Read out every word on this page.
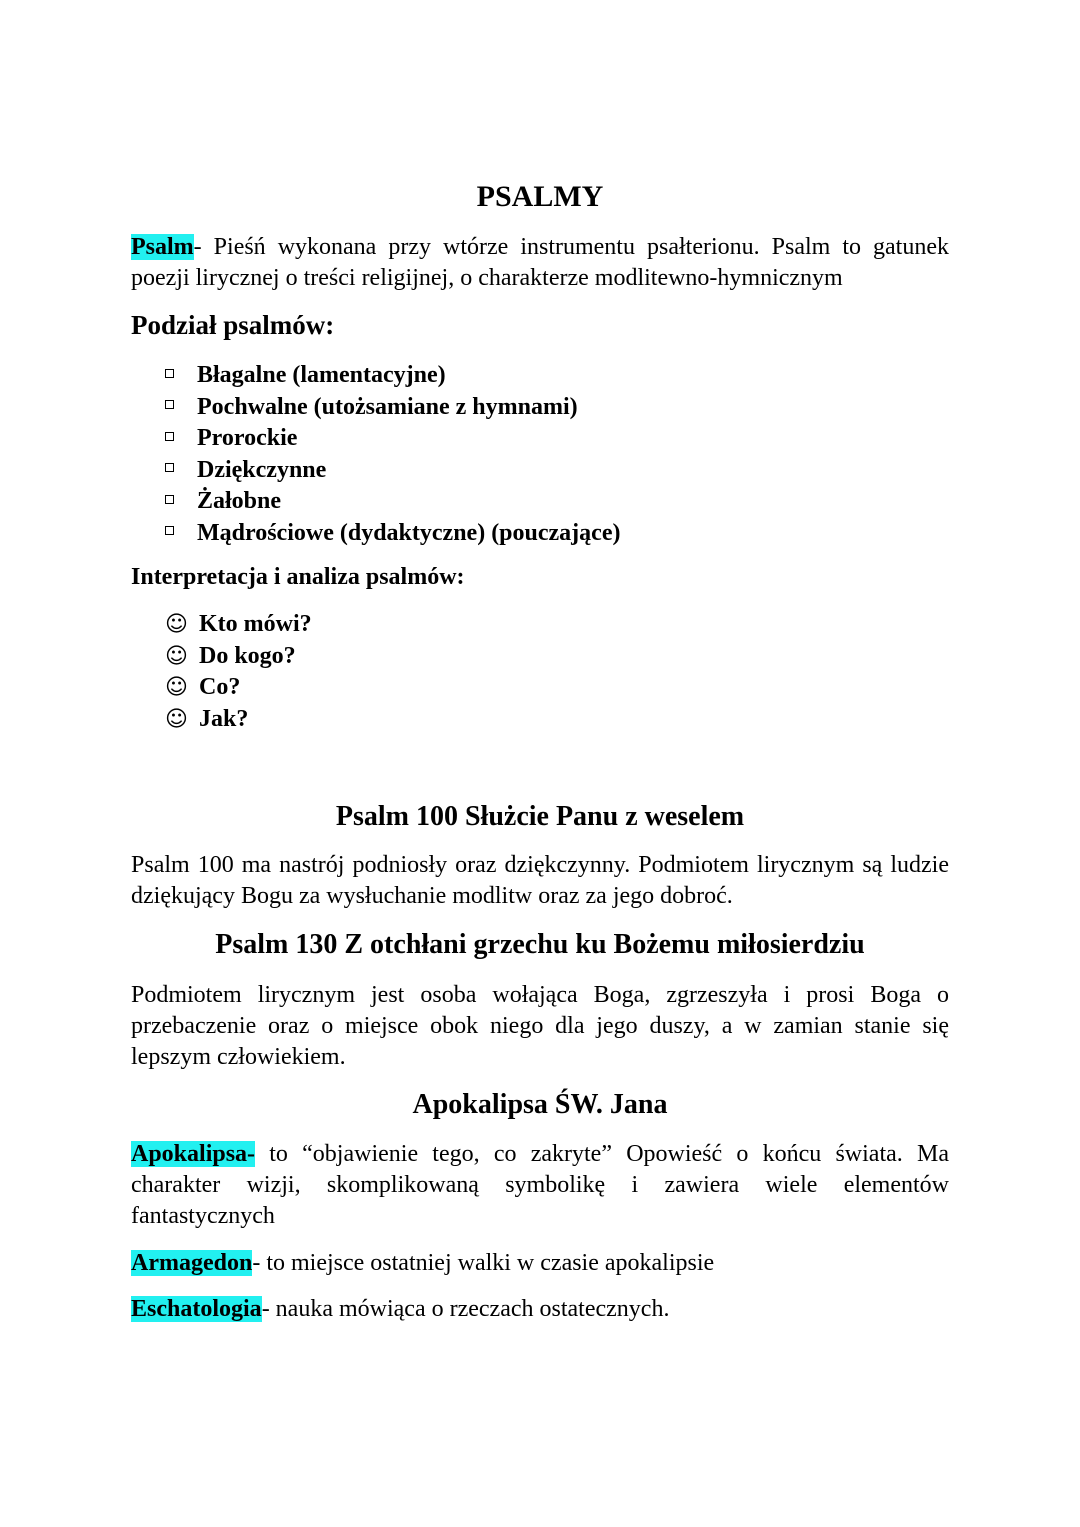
PSALMY

Psalm- Pieśń wykonana przy wtórze instrumentu psałterionu. Psalm to gatunek poezji lirycznej o treści religijnej, o charakterze modlitewno-hymnicznym

Podział psalmów:
Błagalne (lamentacyjne)
Pochwalne (utożsamiane z hymnami)
Prorockie
Dziękczynne
Żałobne
Mądrościowe (dydaktyczne) (pouczające)
Interpretacja i analiza psalmów:
☺ Kto mówi?
☺ Do kogo?
☺ Co?
☺ Jak?
Psalm 100 Służcie Panu z weselem

Psalm 100 ma nastrój podniosły oraz dziękczynny. Podmiotem lirycznym są ludzie dziękujący Bogu za wysłuchanie modlitw oraz za jego dobroć.

Psalm 130 Z otchłani grzechu ku Bożemu miłosierdziu

Podmiotem lirycznym jest osoba wołająca Boga, zgrzeszyła i prosi Boga o przebaczenie oraz o miejsce obok niego dla jego duszy, a w zamian stanie się lepszym człowiekiem.

Apokalipsa ŚW. Jana

Apokalipsa- to “objawienie tego, co zakryte” Opowieść o końcu świata. Ma charakter wizji, skomplikowaną symbolikę i zawiera wiele elementów fantastycznych

Armagedon- to miejsce ostatniej walki w czasie apokalipsie

Eschatologia- nauka mówiąca o rzeczach ostatecznych.
